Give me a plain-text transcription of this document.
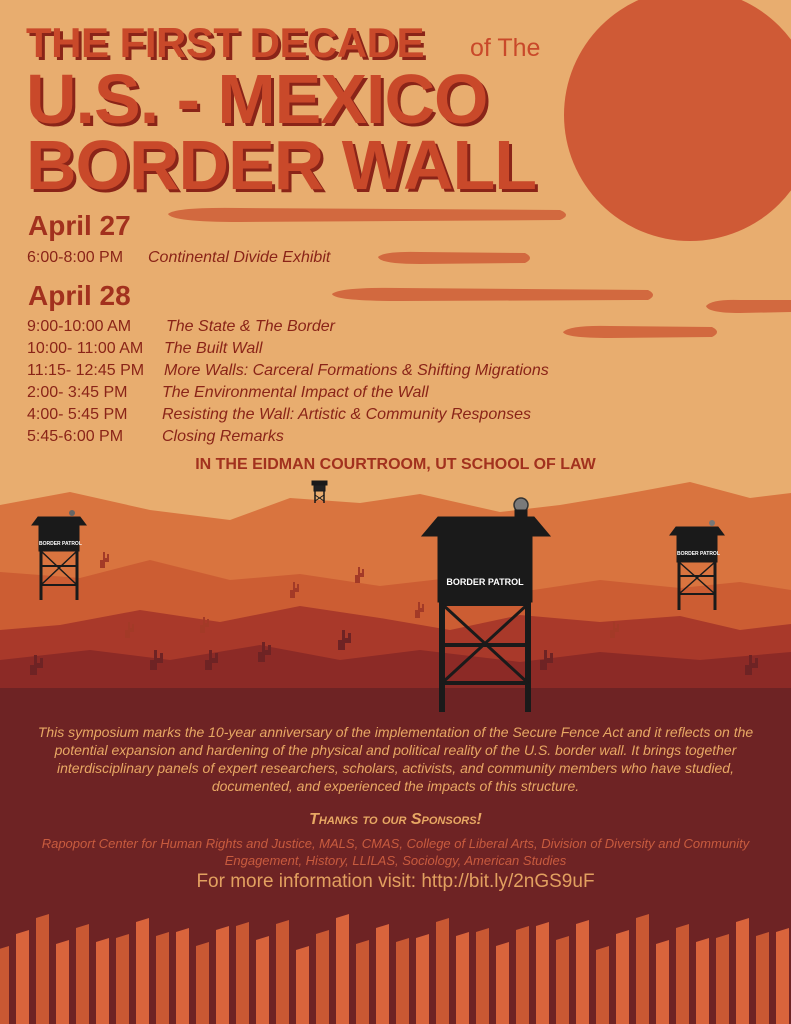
BORDER PATROL
BORDER PATROL
BORDER PATROL
THE FIRST DECADE of The
U.S. - MEXICO
BORDER WALL
April 27
6:00-8:00 PM Continental Divide Exhibit
April 28
9:00-10:00 AM The State & The Border
10:00- 11:00 AM The Built Wall
11:15- 12:45 PM More Walls: Carceral Formations & Shifting Migrations
2:00- 3:45 PM The Environmental Impact of the Wall
4:00- 5:45 PM Resisting the Wall: Artistic & Community Responses
5:45-6:00 PM Closing Remarks
IN THE EIDMAN COURTROOM, UT SCHOOL OF LAW
This symposium marks the 10-year anniversary of the implementation of the Secure Fence Act and it reflects on the potential expansion and hardening of the physical and political reality of the U.S. border wall. It brings together interdisciplinary panels of expert researchers, scholars, activists, and community members who have studied, documented, and experienced the impacts of this structure.
Thanks to our Sponsors!
Rapoport Center for Human Rights and Justice, MALS, CMAS, College of Liberal Arts, Division of Diversity and Community Engagement, History, LLILAS, Sociology, American Studies
For more information visit: http://bit.ly/2nGS9uF
